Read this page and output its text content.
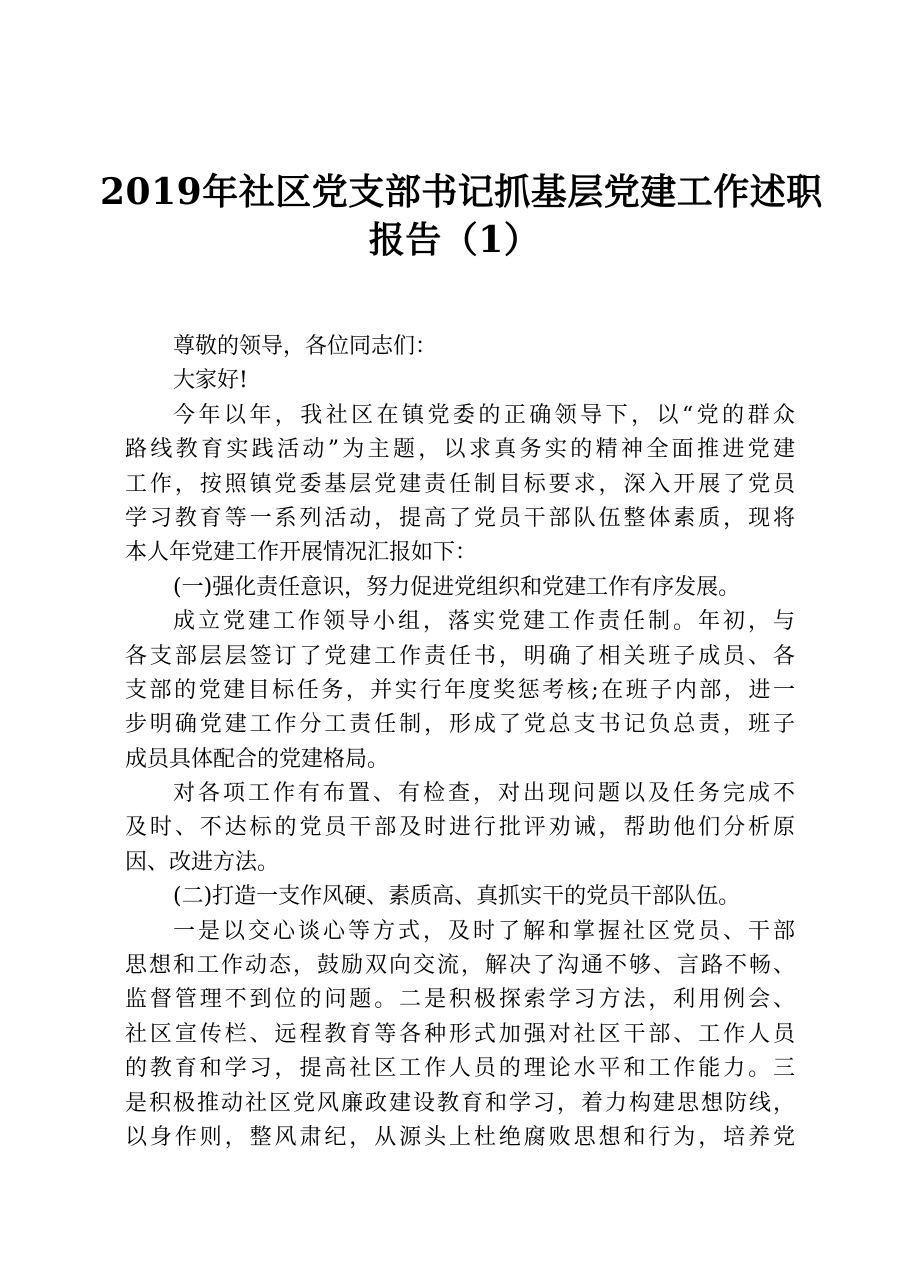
2019年社区党支部书记抓基层党建工作述职
报告（1）
尊敬的领导，各位同志们：
大家好!
今年以年，我社区在镇党委的正确领导下，以“党的群众
路线教育实践活动”为主题，以求真务实的精神全面推进党建
工作，按照镇党委基层党建责任制目标要求，深入开展了党员
学习教育等一系列活动，提高了党员干部队伍整体素质，现将
本人年党建工作开展情况汇报如下：
(一)强化责任意识，努力促进党组织和党建工作有序发展。
成立党建工作领导小组，落实党建工作责任制。年初，与
各支部层层签订了党建工作责任书，明确了相关班子成员、各
支部的党建目标任务，并实行年度奖惩考核;在班子内部，进一
步明确党建工作分工责任制，形成了党总支书记负总责，班子
成员具体配合的党建格局。
对各项工作有布置、有检查，对出现问题以及任务完成不
及时、不达标的党员干部及时进行批评劝诫，帮助他们分析原
因、改进方法。
(二)打造一支作风硬、素质高、真抓实干的党员干部队伍。
一是以交心谈心等方式，及时了解和掌握社区党员、干部
思想和工作动态，鼓励双向交流，解决了沟通不够、言路不畅、
监督管理不到位的问题。二是积极探索学习方法，利用例会、
社区宣传栏、远程教育等各种形式加强对社区干部、工作人员
的教育和学习，提高社区工作人员的理论水平和工作能力。三
是积极推动社区党风廉政建设教育和学习，着力构建思想防线，
以身作则，整风肃纪，从源头上杜绝腐败思想和行为，培养党
